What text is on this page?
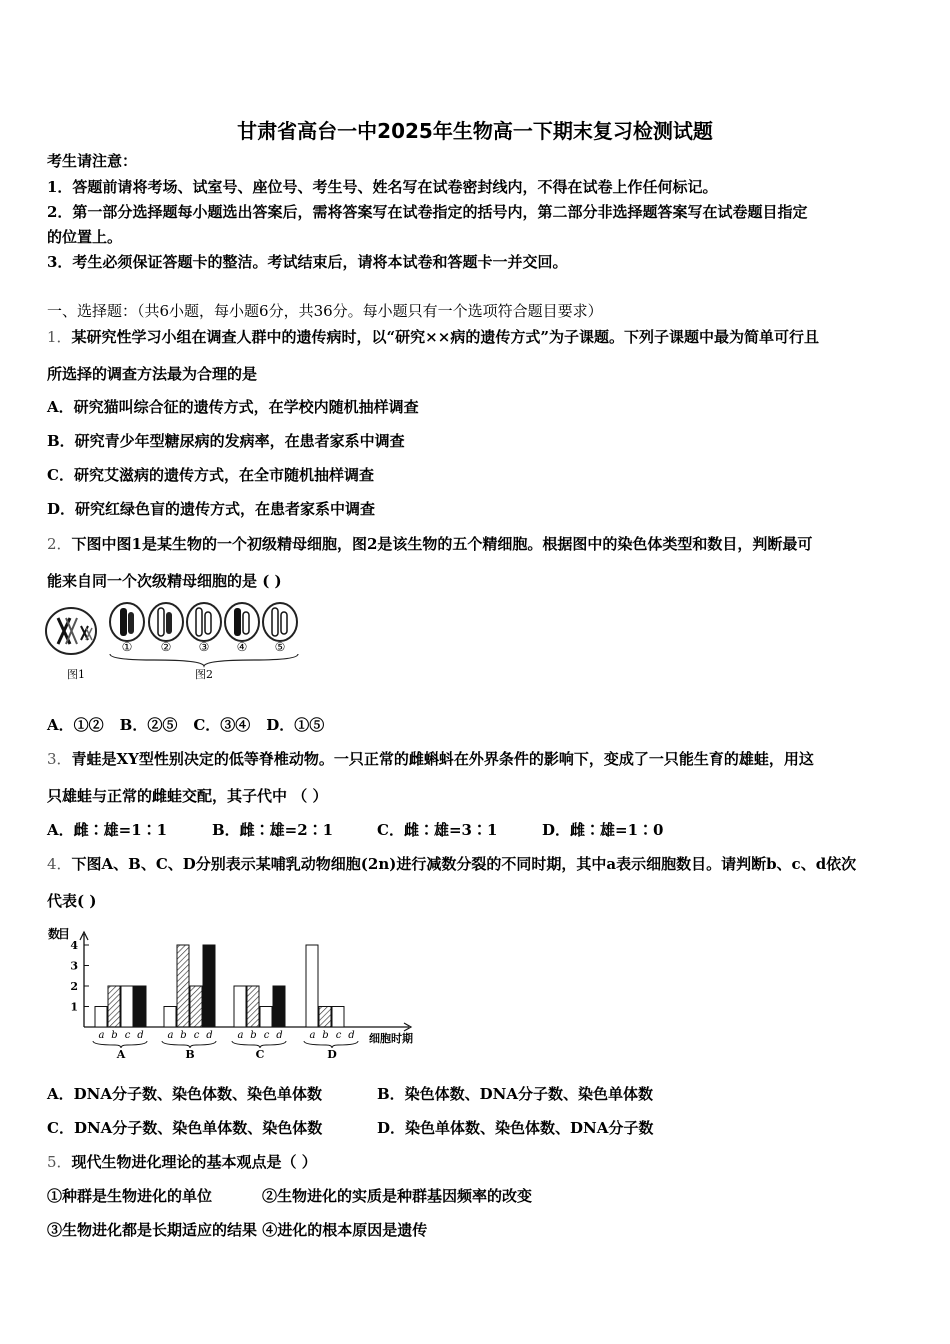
甘肃省高台一中2025年生物高一下期末复习检测试题
考生请注意：
1．答题前请将考场、试室号、座位号、考生号、姓名写在试卷密封线内，不得在试卷上作任何标记。
2．第一部分选择题每小题选出答案后，需将答案写在试卷指定的括号内，第二部分非选择题答案写在试卷题目指定
的位置上。
3．考生必须保证答题卡的整洁。考试结束后，请将本试卷和答题卡一并交回。
一、选择题：（共6小题，每小题6分，共36分。每小题只有一个选项符合题目要求）
1．某研究性学习小组在调查人群中的遗传病时，以“研究××病的遗传方式”为子课题。下列子课题中最为简单可行且
所选择的调查方法最为合理的是
A．研究猫叫综合征的遗传方式，在学校内随机抽样调查
B．研究青少年型糖尿病的发病率，在患者家系中调查
C．研究艾滋病的遗传方式，在全市随机抽样调查
D．研究红绿色盲的遗传方式，在患者家系中调查
2．下图中图1是某生物的一个初级精母细胞，图2是该生物的五个精细胞。根据图中的染色体类型和数目，判断最可
能来自同一个次级精母细胞的是 ( )
① ② ③ ④ ⑤
图1	图2
A．①② B．②⑤ C．③④ D．①⑤
3．青蛙是XY型性别决定的低等脊椎动物。一只正常的雌蝌蚪在外界条件的影响下，变成了一只能生育的雄蛙，用这
只雄蛙与正常的雌蛙交配，其子代中 （ ）
A．雌∶雄=1∶1	B．雌∶雄=2∶1	C．雌∶雄=3∶1	D．雌∶雄=1∶0
4．下图A、B、C、D分别表示某哺乳动物细胞(2n)进行减数分裂的不同时期，其中a表示细胞数目。请判断b、c、d依次
代表( )
数
目
1
2
3
4
a b c d
A
a b c d
B
a b c d
C
a b c d
D
细胞时期
A．DNA分子数、染色体数、染色单体数	B．染色体数、DNA分子数、染色单体数
C．DNA分子数、染色单体数、染色体数	D．染色单体数、染色体数、DNA分子数
5．现代生物进化理论的基本观点是（ ）
①种群是生物进化的单位	②生物进化的实质是种群基因频率的改变
③生物进化都是长期适应的结果 ④进化的根本原因是遗传
